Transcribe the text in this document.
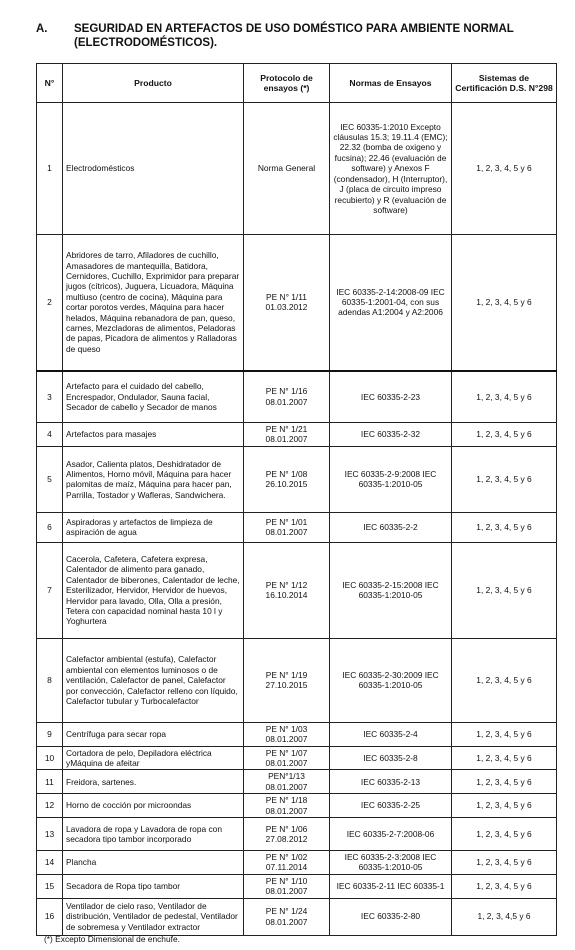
A. SEGURIDAD EN ARTEFACTOS DE USO DOMÉSTICO PARA AMBIENTE NORMAL (ELECTRODOMÉSTICOS).
N°	Producto	Protocolo de ensayos (*)	Normas de Ensayos	Sistemas de Certificación D.S. N°298
1	Electrodomésticos	Norma General	IEC 60335-1:2010 Excepto cláusulas 15.3; 19.11.4 (EMC); 22.32 (bomba de oxigeno y fucsina); 22.46 (evaluación de software) y Anexos F (condensador), H (Interruptor), J (placa de circuito impreso recubierto) y R (evaluación de software)	1, 2, 3, 4, 5 y 6
2	Abridores de tarro, Afiladores de cuchillo, Amasadores de mantequilla, Batidora, Cernidores, Cuchillo, Exprimidor para preparar jugos (cítricos), Juguera, Licuadora, Máquina multiuso (centro de cocina), Máquina para cortar porotos verdes, Máquina para hacer helados, Máquina rebanadora de pan, queso, carnes, Mezcladoras de alimentos, Peladoras de papas, Picadora de alimentos y Ralladoras de queso	PE N° 1/11 01.03.2012	IEC 60335-2-14:2008-09 IEC 60335-1:2001-04, con sus adendas A1:2004 y A2:2006	1, 2, 3, 4, 5 y 6
3	Artefacto para el cuidado del cabello, Encrespador, Ondulador, Sauna facial, Secador de cabello y Secador de manos	PE N° 1/16 08.01.2007	IEC 60335-2-23	1, 2, 3, 4, 5 y 6
4	Artefactos para masajes	PE N° 1/21 08.01.2007	IEC 60335-2-32	1, 2, 3, 4, 5 y 6
5	Asador, Calienta platos, Deshidratador de Alimentos, Horno móvil, Máquina para hacer palomitas de maíz, Máquina para hacer pan, Parrilla, Tostador y Wafleras, Sandwichera.	PE N° 1/08 26.10.2015	IEC 60335-2-9:2008 IEC 60335-1:2010-05	1, 2, 3, 4, 5 y 6
6	Aspiradoras y artefactos de limpieza de aspiración de agua	PE N° 1/01 08.01.2007	IEC 60335-2-2	1, 2, 3, 4, 5 y 6
7	Cacerola, Cafetera, Cafetera expresa, Calentador de alimento para ganado, Calentador de biberones, Calentador de leche, Esterilizador, Hervidor, Hervidor de huevos, Hervidor para lavado, Olla, Olla a presión, Tetera con capacidad nominal hasta 10 l y Yoghurtera	PE N° 1/12 16.10.2014	IEC 60335-2-15:2008 IEC 60335-1:2010-05	1, 2, 3, 4, 5 y 6
8	Calefactor ambiental (estufa), Calefactor ambiental con elementos luminosos o de ventilación, Calefactor de panel, Calefactor por convección, Calefactor relleno con líquido, Calefactor tubular y Turbocalefactor	PE N° 1/19 27.10.2015	IEC 60335-2-30:2009 IEC 60335-1:2010-05	1, 2, 3, 4, 5 y 6
9	Centrífuga para secar ropa	PE N° 1/03 08.01.2007	IEC 60335-2-4	1, 2, 3, 4, 5 y 6
10	Cortadora de pelo, Depiladora eléctrica yMáquina de afeitar	PE N° 1/07 08.01.2007	IEC 60335-2-8	1, 2, 3, 4, 5 y 6
11	Freidora, sartenes.	PEN°1/13 08.01.2007	IEC 60335-2-13	1, 2, 3, 4, 5 y 6
12	Horno de cocción por microondas	PE N° 1/18 08.01.2007	IEC 60335-2-25	1, 2, 3, 4, 5 y 6
13	Lavadora de ropa y Lavadora de ropa con secadora tipo tambor incorporado	PE N° 1/06 27.08.2012	IEC 60335-2-7:2008-06	1, 2, 3, 4, 5 y 6
14	Plancha	PE N° 1/02 07.11.2014	IEC 60335-2-3:2008 IEC 60335-1:2010-05	1, 2, 3, 4, 5 y 6
15	Secadora de Ropa tipo tambor	PE N° 1/10 08.01.2007	IEC 60335-2-11 IEC 60335-1	1, 2, 3, 4, 5 y 6
16	Ventilador de cielo raso, Ventilador de distribución, Ventilador de pedestal, Ventilador de sobremesa y Ventilador extractor	PE N° 1/24 08.01.2007	IEC 60335-2-80	1, 2, 3, 4,5 y 6
(*) Excepto Dimensional de enchufe.
